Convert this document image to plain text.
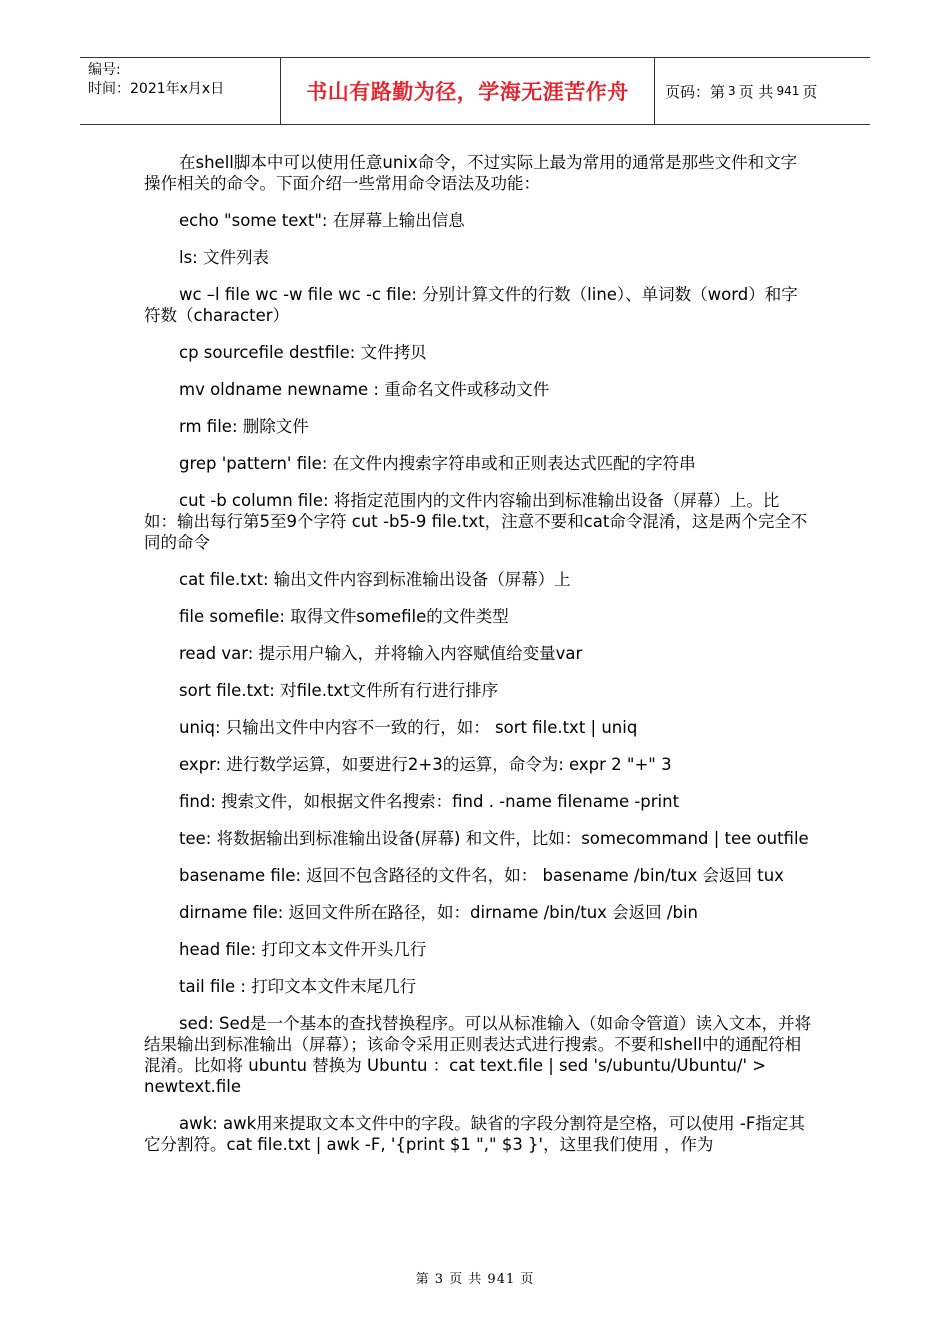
编号:
时间：2021年x月x日	书山有路勤为径，学海无涯苦作舟 页码：第 3 页 共 941 页

在shell脚本中可以使用任意unix命令，不过实际上最为常用的通常是那些文件和文字操作相关的命令。下面介绍一些常用命令语法及功能：

echo "some text": 在屏幕上输出信息

ls: 文件列表

wc –l file wc -w file wc -c file: 分别计算文件的行数（line）、单词数（word）和字符数（character）

cp sourcefile destfile: 文件拷贝

mv oldname newname : 重命名文件或移动文件

rm file: 删除文件

grep 'pattern' file: 在文件内搜索字符串或和正则表达式匹配的字符串

cut -b column file: 将指定范围内的文件内容输出到标准输出设备（屏幕）上。比如：输出每行第5至9个字符 cut -b5-9 file.txt，注意不要和cat命令混淆，这是两个完全不同的命令

cat file.txt: 输出文件内容到标准输出设备（屏幕）上

file somefile: 取得文件somefile的文件类型

read var: 提示用户输入，并将输入内容赋值给变量var

sort file.txt: 对file.txt文件所有行进行排序

uniq: 只输出文件中内容不一致的行，如： sort file.txt | uniq

expr: 进行数学运算，如要进行2+3的运算，命令为: expr 2 "+" 3

find: 搜索文件，如根据文件名搜索：find . -name filename -print

tee: 将数据输出到标准输出设备(屏幕) 和文件，比如：somecommand | tee outfile

basename file: 返回不包含路径的文件名，如： basename /bin/tux 会返回 tux

dirname file: 返回文件所在路径，如：dirname /bin/tux 会返回 /bin

head file: 打印文本文件开头几行

tail file : 打印文本文件末尾几行

sed: Sed是一个基本的查找替换程序。可以从标准输入（如命令管道）读入文本，并将结果输出到标准输出（屏幕）；该命令采用正则表达式进行搜索。不要和shell中的通配符相混淆。比如将 ubuntu 替换为 Ubuntu ：cat text.file | sed 's/ubuntu/Ubuntu/' > newtext.file

awk: awk用来提取文本文件中的字段。缺省的字段分割符是空格，可以使用 -F指定其它分割符。cat file.txt | awk -F, '{print $1 "," $3 }'，这里我们使用 ，作为

第 3 页 共 941 页
